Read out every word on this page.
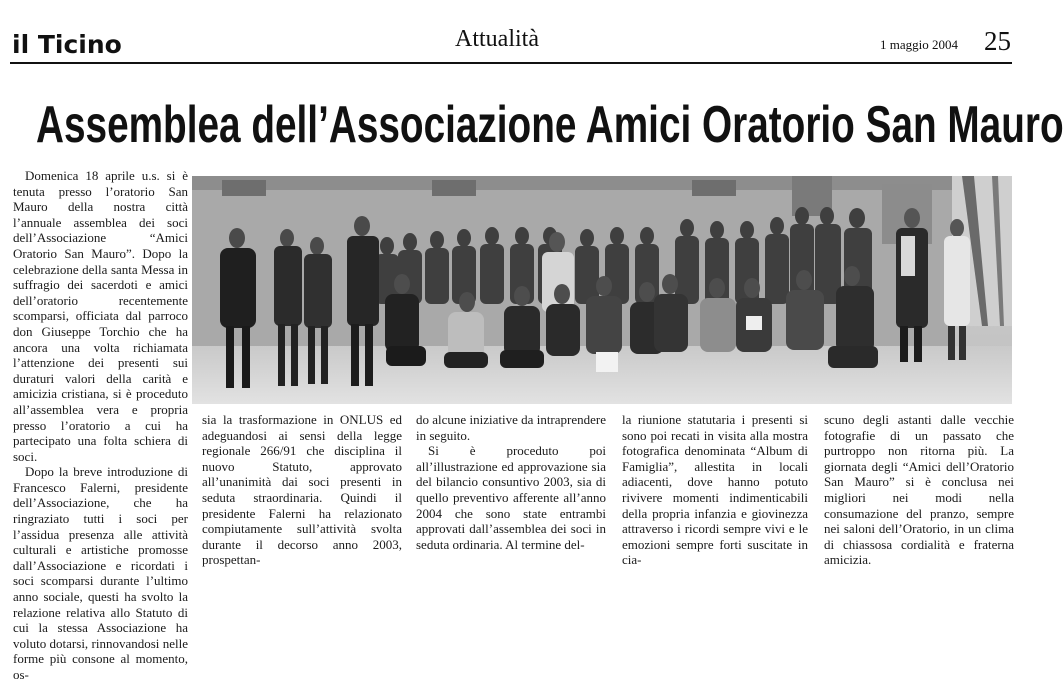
il Ticino	Attualità	1 maggio 2004 25
Assemblea dell’Associazione Amici Oratorio San Mauro

Domenica 18 aprile u.s. si è tenuta presso l’oratorio San Mauro della nostra città l’annuale assemblea dei soci dell’Associazione “Amici Oratorio San Mauro”. Dopo la celebrazione della santa Messa in suffragio dei sacerdoti e amici dell’oratorio recentemente scomparsi, officiata dal parroco don Giuseppe Torchio che ha ancora una volta richiamata l’attenzione dei presenti sui duraturi valori della carità e amicizia cristiana, si è proceduto all’assemblea vera e propria presso l’oratorio a cui ha partecipato una folta schiera di soci.

Dopo la breve introduzione di Francesco Falerni, presidente dell’Associazione, che ha ringraziato tutti i soci per l’assidua presenza alle attività culturali e artistiche promosse dall’Associazione e ricordati i soci scomparsi durante l’ultimo anno sociale, questi ha svolto la relazione relativa allo Statuto di cui la stessa Associazione ha voluto dotarsi, rinnovandosi nelle forme più consone al momento, os-

sia la trasformazione in ONLUS ed adeguandosi ai sensi della legge regionale 266/91 che disciplina il nuovo Statuto, approvato all’unanimità dai soci presenti in seduta straordinaria. Quindi il presidente Falerni ha relazionato compiutamente sull’attività svolta durante il decorso anno 2003, prospettan-

do alcune iniziative da intraprendere in seguito.

Si è proceduto poi all’illustrazione ed approvazione sia del bilancio consuntivo 2003, sia di quello preventivo afferente all’anno 2004 che sono state entrambi approvati dall’assemblea dei soci in seduta ordinaria. Al termine del-

la riunione statutaria i presenti si sono poi recati in visita alla mostra fotografica denominata “Album di Famiglia”, allestita in locali adiacenti, dove hanno potuto rivivere momenti indimenticabili della propria infanzia e giovinezza attraverso i ricordi sempre vivi e le emozioni sempre forti suscitate in cia-

scuno degli astanti dalle vecchie fotografie di un passato che purtroppo non ritorna più. La giornata degli “Amici dell’Oratorio San Mauro” si è conclusa nei migliori nei modi nella consumazione del pranzo, sempre nei saloni dell’Oratorio, in un clima di chiassosa cordialità e fraterna amicizia.
